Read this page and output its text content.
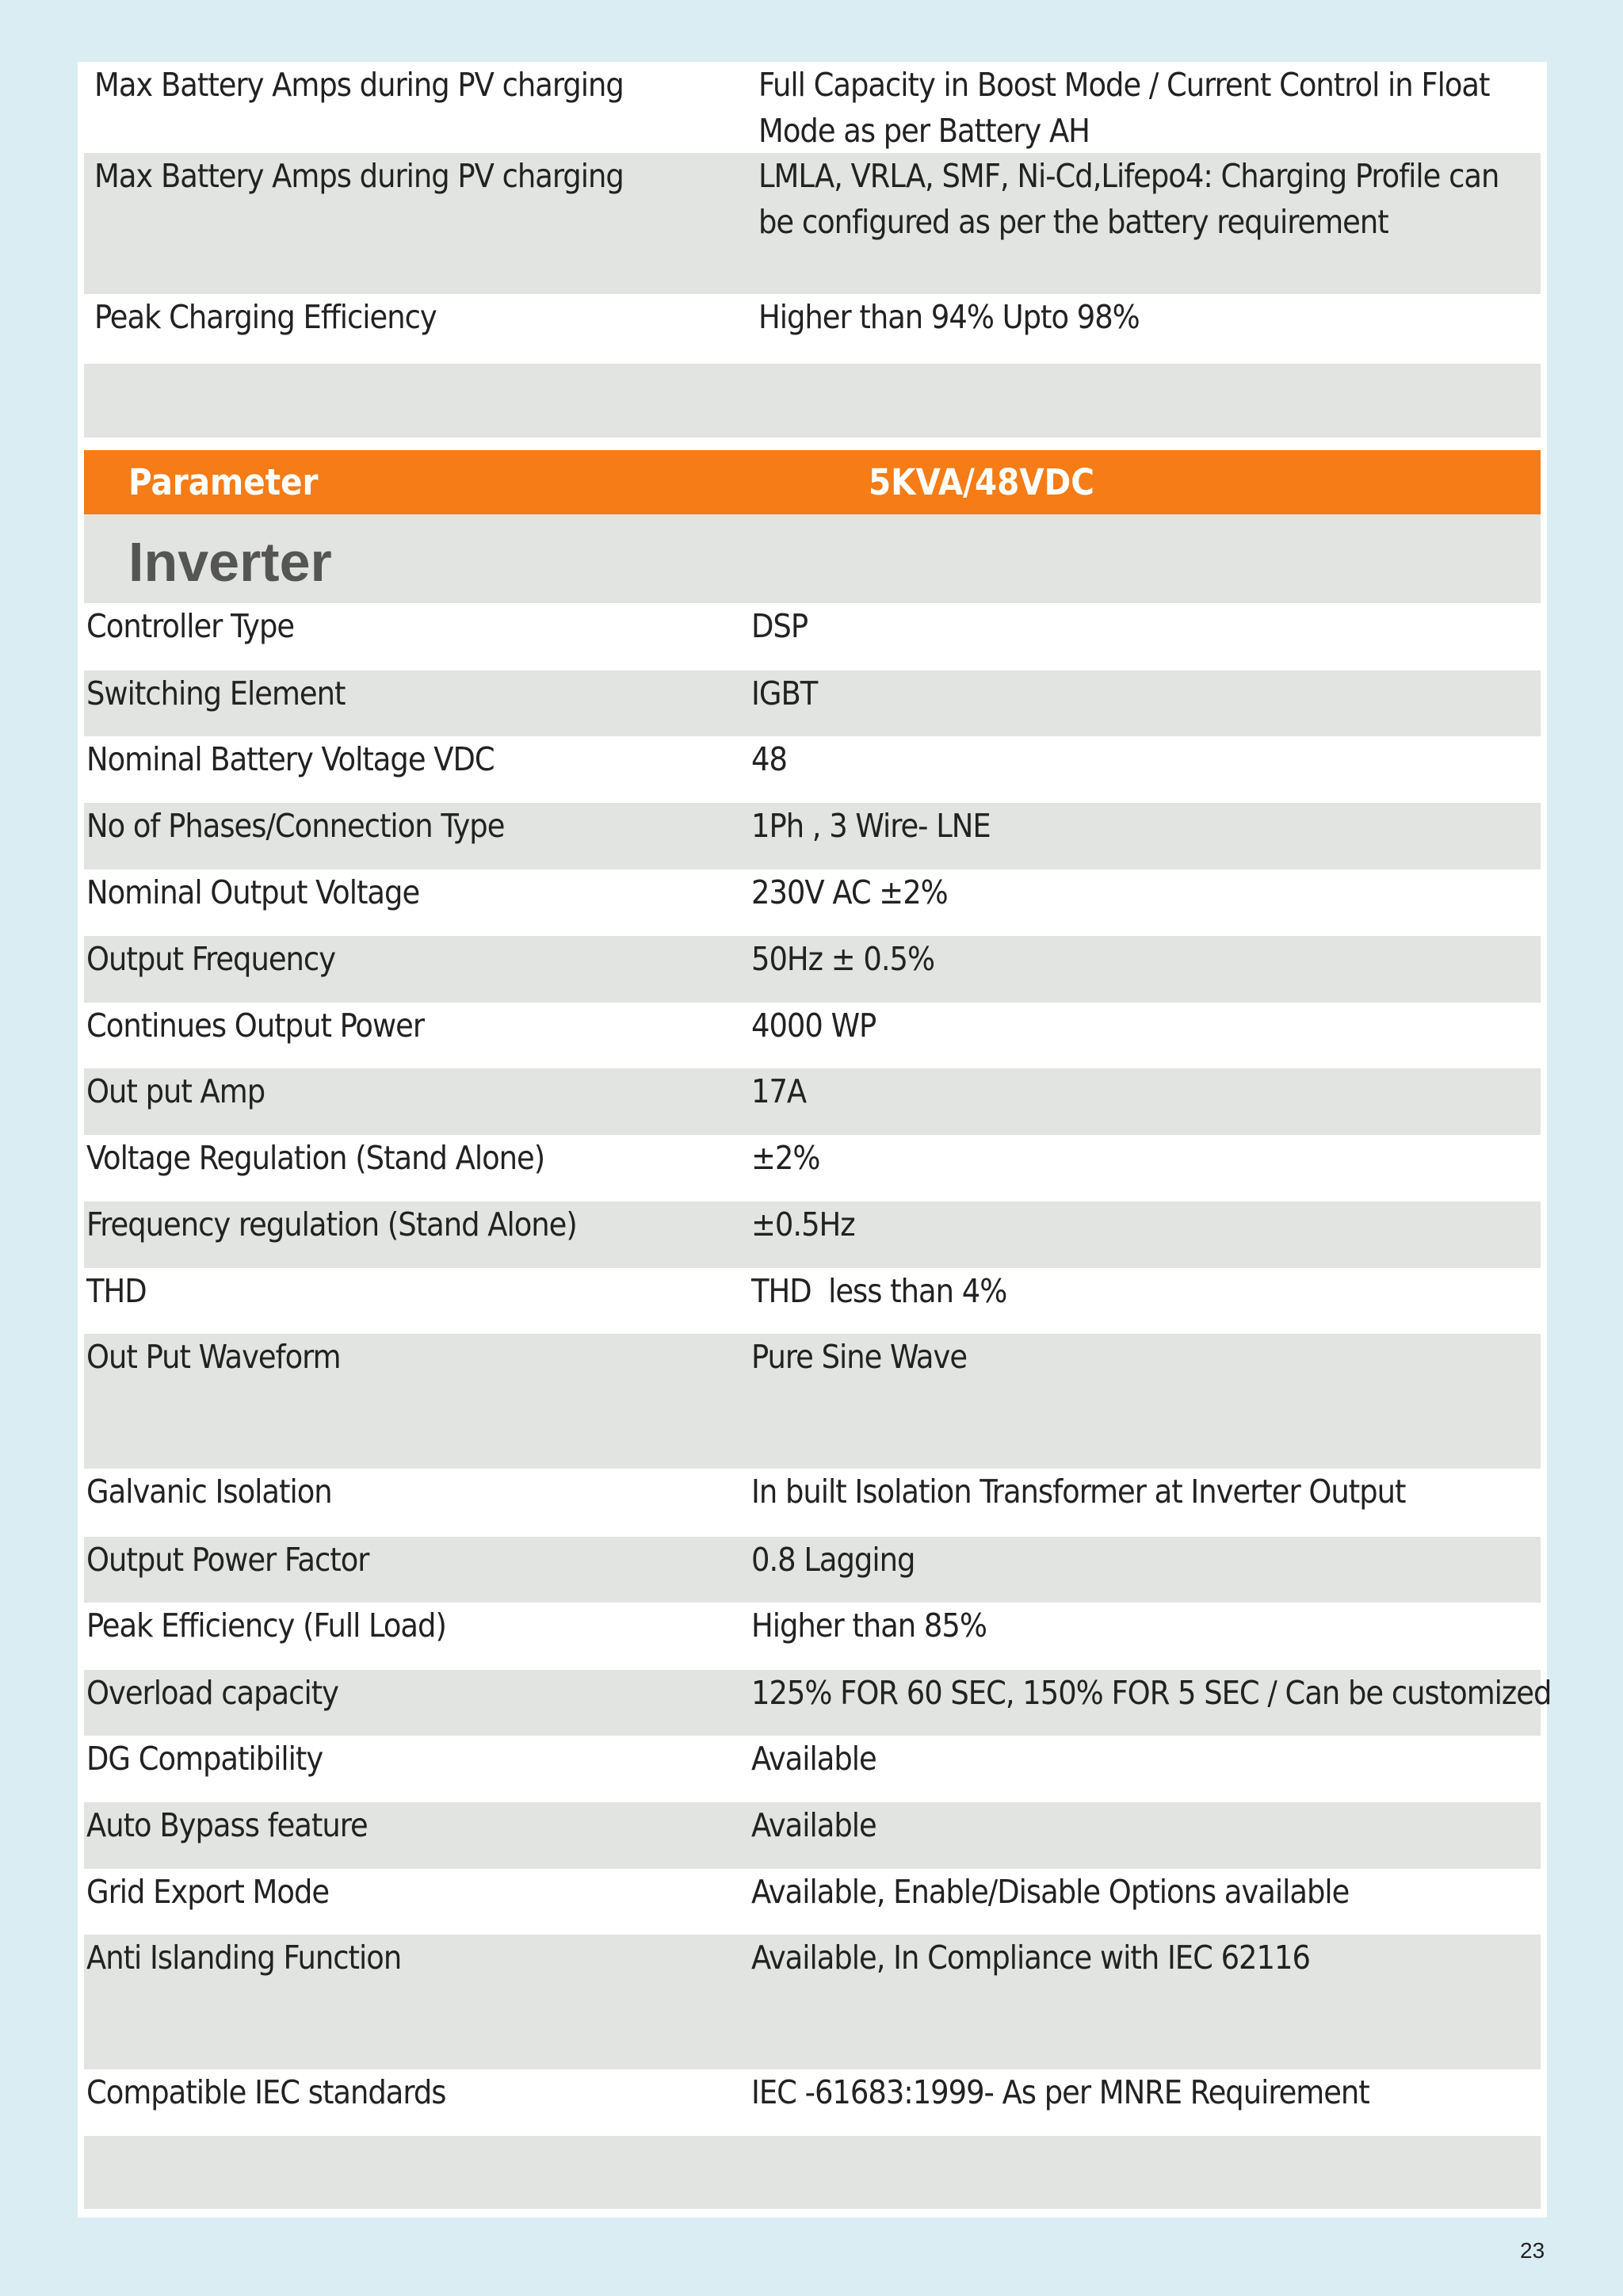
Max Battery Amps during PV charging	Full Capacity in Boost Mode / Current Control in Float Mode as per Battery AH
Max Battery Amps during PV charging	LMLA, VRLA, SMF, Ni-Cd,Lifepo4: Charging Profile can be configured as per the battery requirement
Peak Charging Efficiency	Higher than 94% Upto 98%
Parameter	5KVA/48VDC
Inverter
Controller Type	DSP
Switching Element	IGBT
Nominal Battery Voltage VDC	48
No of Phases/Connection Type	1Ph , 3 Wire- LNE
Nominal Output Voltage	230V AC ±2%
Output Frequency	50Hz ± 0.5%
Continues Output Power	4000 WP
Out put Amp	17A
Voltage Regulation (Stand Alone)	±2%
Frequency regulation (Stand Alone)	±0.5Hz
THD	THD  less than 4%
Out Put Waveform	Pure Sine Wave
Galvanic Isolation	In built Isolation Transformer at Inverter Output
Output Power Factor	0.8 Lagging
Peak Efficiency (Full Load)	Higher than 85%
Overload capacity	125% FOR 60 SEC, 150% FOR 5 SEC / Can be customized
DG Compatibility	Available
Auto Bypass feature	Available
Grid Export Mode	Available, Enable/Disable Options available
Anti Islanding Function	Available, In Compliance with IEC 62116
Compatible IEC standards	IEC -61683:1999- As per MNRE Requirement
23
